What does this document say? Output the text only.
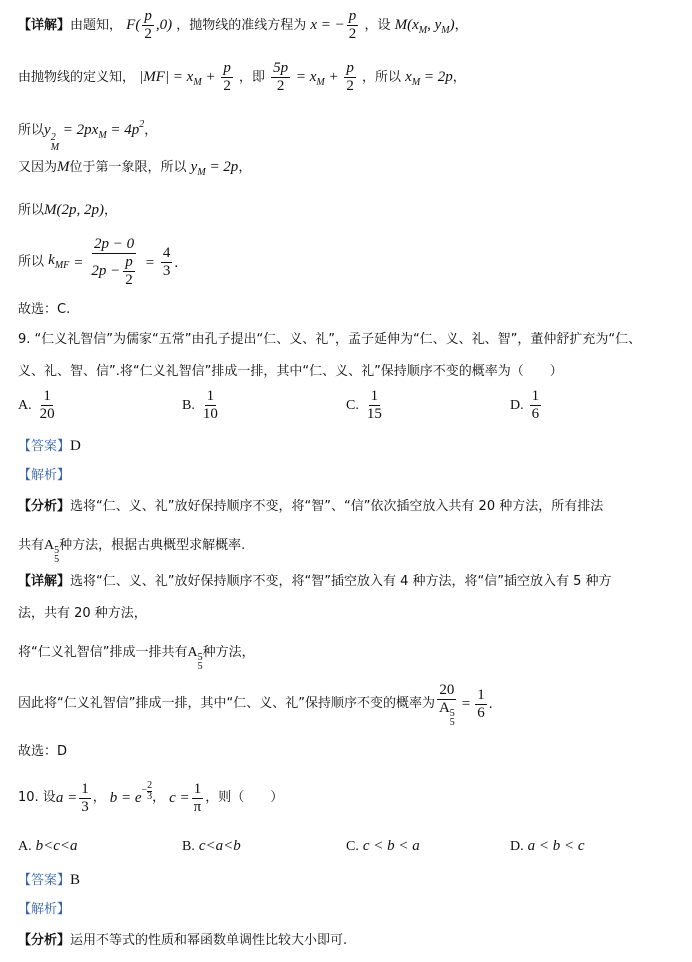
【详解】由题知， $F( \frac{p}{2} ,0)$ ，抛物线的准线方程为 x = − $\frac{p}{2}$ ，设 $M(x_M$, $y_M$)，
由抛物线的定义知， $|MF| = x_M + \frac{p}{2}$ ，即 $\frac{5p}{2} = x_M + \frac{p}{2}$ ，所以 $x_M = 2p$，
所以y 2
M
= $2px_M = 4p^2$，
又因为M位于第一象限，所以 $y_M = 2p$，
所以M(2p, 2p)，
所以 $k_{MF} = \frac{2p - 0}{2p - \frac{p}{2}} = \frac{4}{3}$ .
故选：C.
9. “仁义礼智信”为儒家“五常”由孔子提出“仁、义、礼”，孟子延伸为“仁、义、礼、智”，董仲舒扩充为“仁、
义、礼、智、信”.将“仁义礼智信”排成一排，其中“仁、义、礼”保持顺序不变的概率为（　　）
A. $\frac{1}{20}$	B. $\frac{1}{10}$	C. $\frac{1}{15}$	D. $\frac{1}{6}$
【答案】D
【解析】
【分析】选将“仁、义、礼”放好保持顺序不变，将“智”、“信”依次插空放入共有 20 种方法，所有排法
共有A 5
5
种方法，根据古典概型求解概率.
【详解】选将“仁、义、礼”放好保持顺序不变，将“智”插空放入有 4 种方法，将“信”插空放入有 5 种方
法，共有 20 种方法，
将“仁义礼智信”排成一排共有A 5
5
种方法，
因此将“仁义礼智信”排成一排，其中“仁、义、礼”保持顺序不变的概率为 20
A 5
$5 = \frac{1}{6}$ .
故选：D
10. 设 $a = \frac{1}{3}$ ， $b = e - \frac{2}{3}$ ， $c = \frac{1}{\pi}$ ，则（　　）
A. b<c<a	B. c<a<b	C. c < b < a	D. a < b < c
【答案】B
【解析】
【分析】运用不等式的性质和幂函数单调性比较大小即可.
